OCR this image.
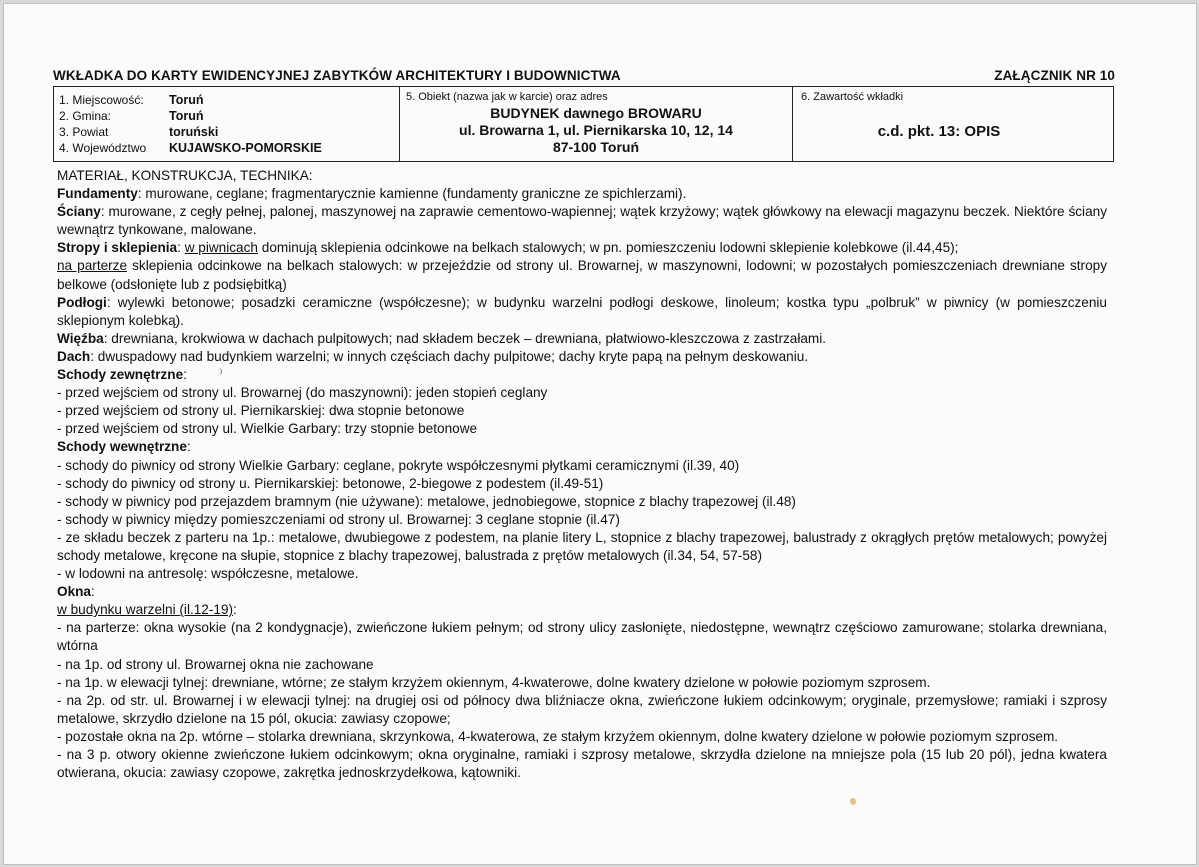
WKŁADKA DO KARTY EWIDENCYJNEJ ZABYTKÓW ARCHITEKTURY I BUDOWNICTWA	ZAŁĄCZNIK NR 10
1. Miejscowość:	Toruń
2. Gmina:	Toruń
3. Powiat	toruński
4. Województwo	KUJAWSKO-POMORSKIE
5. Obiekt (nazwa jak w karcie) oraz adres
BUDYNEK dawnego BROWARU
ul. Browarna 1, ul. Piernikarska 10, 12, 14
87-100 Toruń
6. Zawartość wkładki
c.d. pkt. 13: OPIS
MATERIAŁ, KONSTRUKCJA, TECHNIKA:
Fundamenty: murowane, ceglane; fragmentarycznie kamienne (fundamenty graniczne ze spichlerzami).
Ściany: murowane, z cegły pełnej, palonej, maszynowej na zaprawie cementowo-wapiennej; wątek krzyżowy; wątek główkowy na elewacji magazynu beczek. Niektóre ściany wewnątrz tynkowane, malowane.
Stropy i sklepienia: w piwnicach dominują sklepienia odcinkowe na belkach stalowych; w pn. pomieszczeniu lodowni sklepienie kolebkowe (il.44,45);
na parterze sklepienia odcinkowe na belkach stalowych: w przejeździe od strony ul. Browarnej, w maszynowni, lodowni; w pozostałych pomieszczeniach drewniane stropy belkowe (odsłonięte lub z podsiębitką)
Podłogi: wylewki betonowe; posadzki ceramiczne (współczesne); w budynku warzelni podłogi deskowe, linoleum; kostka typu „polbruk” w piwnicy (w pomieszczeniu sklepionym kolebką).
Więźba: drewniana, krokwiowa w dachach pulpitowych; nad składem beczek – drewniana, płatwiowo-kleszczowa z zastrzałami.
Dach: dwuspadowy nad budynkiem warzelni; w innych częściach dachy pulpitowe; dachy kryte papą na pełnym deskowaniu.
Schody zewnętrzne:
- przed wejściem od strony ul. Browarnej (do maszynowni): jeden stopień ceglany
- przed wejściem od strony ul. Piernikarskiej: dwa stopnie betonowe
- przed wejściem od strony ul. Wielkie Garbary: trzy stopnie betonowe
Schody wewnętrzne:
- schody do piwnicy od strony Wielkie Garbary: ceglane, pokryte współczesnymi płytkami ceramicznymi (il.39, 40)
- schody do piwnicy od strony u. Piernikarskiej: betonowe, 2-biegowe z podestem (il.49-51)
- schody w piwnicy pod przejazdem bramnym (nie używane): metalowe, jednobiegowe, stopnice z blachy trapezowej (il.48)
- schody w piwnicy między pomieszczeniami od strony ul. Browarnej: 3 ceglane stopnie (il.47)
- ze składu beczek z parteru na 1p.: metalowe, dwubiegowe z podestem, na planie litery L, stopnice z blachy trapezowej, balustrady z okrągłych prętów metalowych; powyżej schody metalowe, kręcone na słupie, stopnice z blachy trapezowej, balustrada z prętów metalowych (il.34, 54, 57-58)
- w lodowni na antresolę: współczesne, metalowe.
Okna:
w budynku warzelni (il.12-19):
- na parterze: okna wysokie (na 2 kondygnacje), zwieńczone łukiem pełnym; od strony ulicy zasłonięte, niedostępne, wewnątrz częściowo zamurowane; stolarka drewniana, wtórna
- na 1p. od strony ul. Browarnej okna nie zachowane
- na 1p. w elewacji tylnej: drewniane, wtórne; ze stałym krzyżem okiennym, 4-kwaterowe, dolne kwatery dzielone w połowie poziomym szprosem.
- na 2p. od str. ul. Browarnej i w elewacji tylnej: na drugiej osi od północy dwa bliźniacze okna, zwieńczone łukiem odcinkowym; oryginale, przemysłowe; ramiaki i szprosy metalowe, skrzydło dzielone na 15 pól, okucia: zawiasy czopowe;
- pozostałe okna na 2p. wtórne – stolarka drewniana, skrzynkowa, 4-kwaterowa, ze stałym krzyżem okiennym, dolne kwatery dzielone w połowie poziomym szprosem.
- na 3 p. otwory okienne zwieńczone łukiem odcinkowym; okna oryginalne, ramiaki i szprosy metalowe, skrzydła dzielone na mniejsze pola (15 lub 20 pól), jedna kwatera otwierana, okucia: zawiasy czopowe, zakrętka jednoskrzydełkowa, kątowniki.
